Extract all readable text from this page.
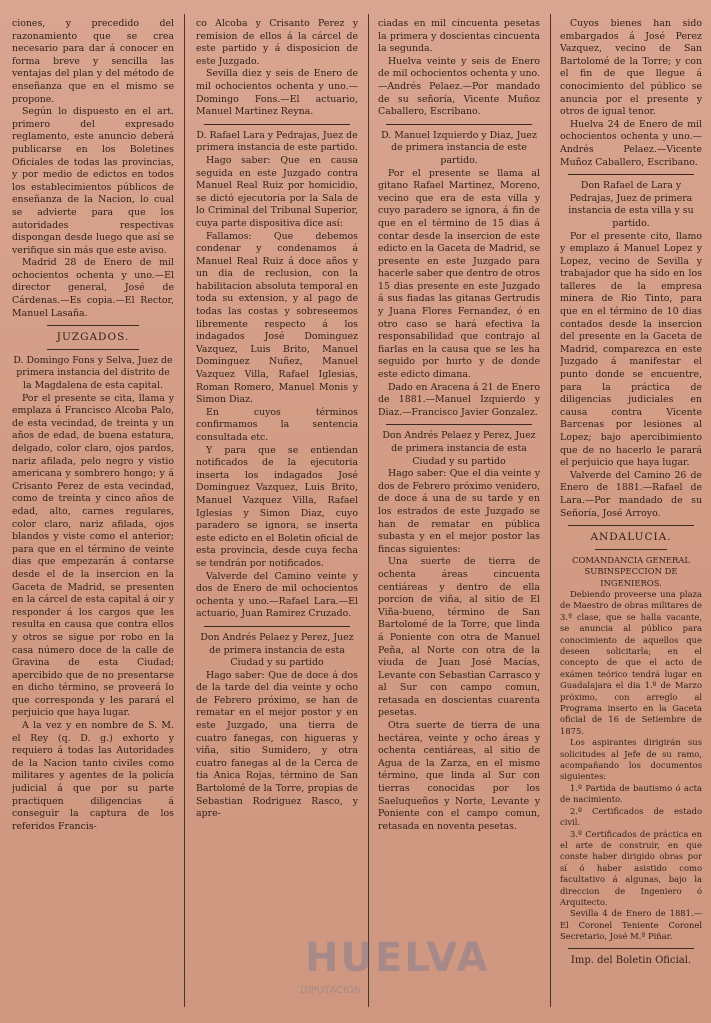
ciones, y precedido del razonamiento que se crea necesario para dar á conocer en forma breve y sencilla las ventajas del plan y del método de enseñanza que en el mismo se propone.

Según lo dispuesto en el art. primero del expresado reglamento, este anuncio deberá publicarse en los Boletines Oficiales de todas las provincias, y por medio de edictos en todos los establecimientos públicos de enseñanza de la Nacion, lo cual se advierte para que los autoridades respectivas dispongan desde luego que así se verifique sin más que este aviso.

Madrid 28 de Enero de mil ochocientos ochenta y uno.—El director general, José de Cárdenas.—Es copia.—El Rector, Manuel Lasaña.

JUZGADOS.

D. Domingo Fons y Selva, Juez de primera instancia del distrito de la Magdalena de esta capital.

Por el presente se cita, llama y emplaza á Francisco Alcoba Palo, de esta vecindad, de treinta y un años de edad, de buena estatura, delgado, color claro, ojos pardos, nariz afilada, pelo negro y vistio americana y sombrero hongo; y á Crisanto Perez de esta vecindad, como de treinta y cinco años de edad, alto, carnes regulares, color claro, nariz afilada, ojos blandos y viste como el anterior; para que en el término de veinte dias que empezarán á contarse desde el de la insercion en la Gaceta de Madrid, se presenten en la cárcel de esta capital á oir y responder á los cargos que les resulta en causa que contra ellos y otros se sigue por robo en la casa número doce de la calle de Gravina de esta Ciudad; apercibido que de no presentarse en dicho término, se proveerá lo que corresponda y les parará el perjuicio que haya lugar.

A la vez y en nombre de S. M. el Rey (q. D. g.) exhorto y requiero á todas las Autoridades de la Nacion tanto civiles como militares y agentes de la policía judicial á que por su parte practiquen diligencias á conseguir la captura de los referidos Francis-

co Alcoba y Crisanto Perez y remision de ellos á la cárcel de este partido y á disposicion de este Juzgado.

Sevilla diez y seis de Enero de mil ochocientos ochenta y uno.—Domingo Fons.—El actuario, Manuel Martinez Reyna.

D. Rafael Lara y Pedrajas, Juez de primera instancia de este partido.

Hago saber: Que en causa seguida en este Juzgado contra Manuel Real Ruiz por homicidio, se dictó ejecutoria por la Sala de lo Criminal del Tribunal Superior, cuya parte dispositiva dice así:

Fallamos: Que debemos condenar y condenamos á Manuel Real Ruiz á doce años y un dia de reclusion, con la habilitacion absoluta temporal en toda su extension, y al pago de todas las costas y sobreseemos libremente respecto á los indagados José Dominguez Vazquez, Luis Brito, Manuel Dominguez Nuñez, Manuel Vazquez Villa, Rafael Iglesias, Roman Romero, Manuel Monis y Simon Diaz.

En cuyos términos confirmamos la sentencia consultada etc.

Y para que se entiendan notificados de la ejecutoria inserta los indagados José Dominguez Vazquez, Luis Brito, Manuel Vazquez Villa, Rafael Iglesias y Simon Diaz, cuyo paradero se ignora, se inserta este edicto en el Boletin oficial de esta provincia, desde cuya fecha se tendrán por notificados.

Valverde del Camino veinte y dos de Enero de mil ochocientos ochenta y uno.—Rafael Lara.—El actuario, Juan Ramirez Cruzado.

Don Andrés Pelaez y Perez, Juez de primera instancia de esta Ciudad y su partido

Hago saber: Que de doce á dos de la tarde del dia veinte y ocho de Febrero próximo, se han de rematar en el mejor postor y en este Juzgado, una tierra de cuatro fanegas, con higueras y viña, sitio Sumidero, y otra cuatro fanegas al de la Cerca de tia Anica Rojas, término de San Bartolomé de la Torre, propias de Sebastian Rodriguez Rasco, y apre-

ciadas en mil cincuenta pesetas la primera y doscientas cincuenta la segunda.

Huelva veinte y seis de Enero de mil ochocientos ochenta y uno.—Andrés Pelaez.—Por mandado de su señoría, Vicente Muñoz Caballero, Escribano.

D. Manuel Izquierdo y Diaz, Juez de primera instancia de este partido.

Por el presente se llama al gitano Rafael Martinez, Moreno, vecino que era de esta villa y cuyo paradero se ignora, á fin de que en el término de 15 dias á contar desde la insercion de este edicto en la Gaceta de Madrid, se presente en este Juzgado para hacerle saber que dentro de otros 15 dias presente en este Juzgado á sus fiadas las gitanas Gertrudis y Juana Flores Fernandez, ó en otro caso se hará efectiva la responsabilidad que contrajo al fiarlas en la causa que se les ha seguido por hurto y de donde este edicto dimana.

Dado en Aracena á 21 de Enero de 1881.—Manuel Izquierdo y Diaz.—Francisco Javier Gonzalez.

Don Andrés Pelaez y Perez, Juez de primera instancia de esta Ciudad y su partido

Hago saber: Que el dia veinte y dos de Febrero próximo venidero, de doce á una de su tarde y en los estrados de este Juzgado se han de rematar en pública subasta y en el mejor postor las fincas siguientes:

Una suerte de tierra de ochenta áreas cincuenta centiáreas y dentro de ella porcion de viña, al sitio de El Viña-bueno, término de San Bartolomé de la Torre, que linda á Poniente con otra de Manuel Peña, al Norte con otra de la viuda de Juan José Macías, Levante con Sebastian Carrasco y al Sur con campo comun, retasada en doscientas cuarenta pesetas.

Otra suerte de tierra de una hectárea, veinte y ocho áreas y ochenta centiáreas, al sitio de Agua de la Zarza, en el mismo término, que linda al Sur con tierras conocidas por los Saeluqueños y Norte, Levante y Poniente con el campo comun, retasada en noventa pesetas.

Cuyos bienes han sido embargados á José Perez Vazquez, vecino de San Bartolomé de la Torre; y con el fin de que llegue á conocimiento del público se anuncia por el presente y otros de igual tenor.

Huelva 24 de Enero de mil ochocientos ochenta y uno.—Andrés Pelaez.—Vicente Muñoz Caballero, Escribano.

Don Rafael de Lara y Pedrajas, Juez de primera instancia de esta villa y su partido.

Por el presente cito, llamo y emplazo á Manuel Lopez y Lopez, vecino de Sevilla y trabajador que ha sido en los talleres de la empresa minera de Rio Tinto, para que en el término de 10 dias contados desde la insercion del presente en la Gaceta de Madrid, comparezca en este Juzgado á manifestar el punto donde se encuentre, para la práctica de diligencias judiciales en causa contra Vicente Barcenas por lesiones al Lopez; bajo apercibimiento que de no hacerlo le parará el perjuicio que haya lugar.

Valverde del Camino 26 de Enero de 1881.—Rafael de Lara.—Por mandado de su Señoría, José Arroyo.

ANDALUCIA.

COMANDANCIA GENERAL SUBINSPECCION DE INGENIEROS.

Debiendo proveerse una plaza de Maestro de obras militares de 3.ª clase, que se halla vacante, se anuncia al público para conocimiento de aquellos que deseen solicitarla; en el concepto de que el acto de exámen teórico tendrá lugar en Guadalajara el dia 1.º de Marzo próximo, con arreglo al Programa inserto en la Gaceta oficial de 16 de Setiembre de 1875.

Los aspirantes dirigirán sus solicitudes al Jefe de su ramo, acompañando los documentos siguientes:

1.º Partida de bautismo ó acta de nacimiento.

2.º Certificados de estado civil.

3.º Certificados de práctica en el arte de construir, en que conste haber dirigido obras por sí ó haber asistido como facultativo á algunas, bajo la direccion de Ingeniero ó Arquitecto.

Sevilla 4 de Enero de 1881.—El Coronel Teniente Coronel Secretario, José M.ª Piñar.

Imp. del Boletin Oficial.
HUELVA
DIPUTACIÓN
